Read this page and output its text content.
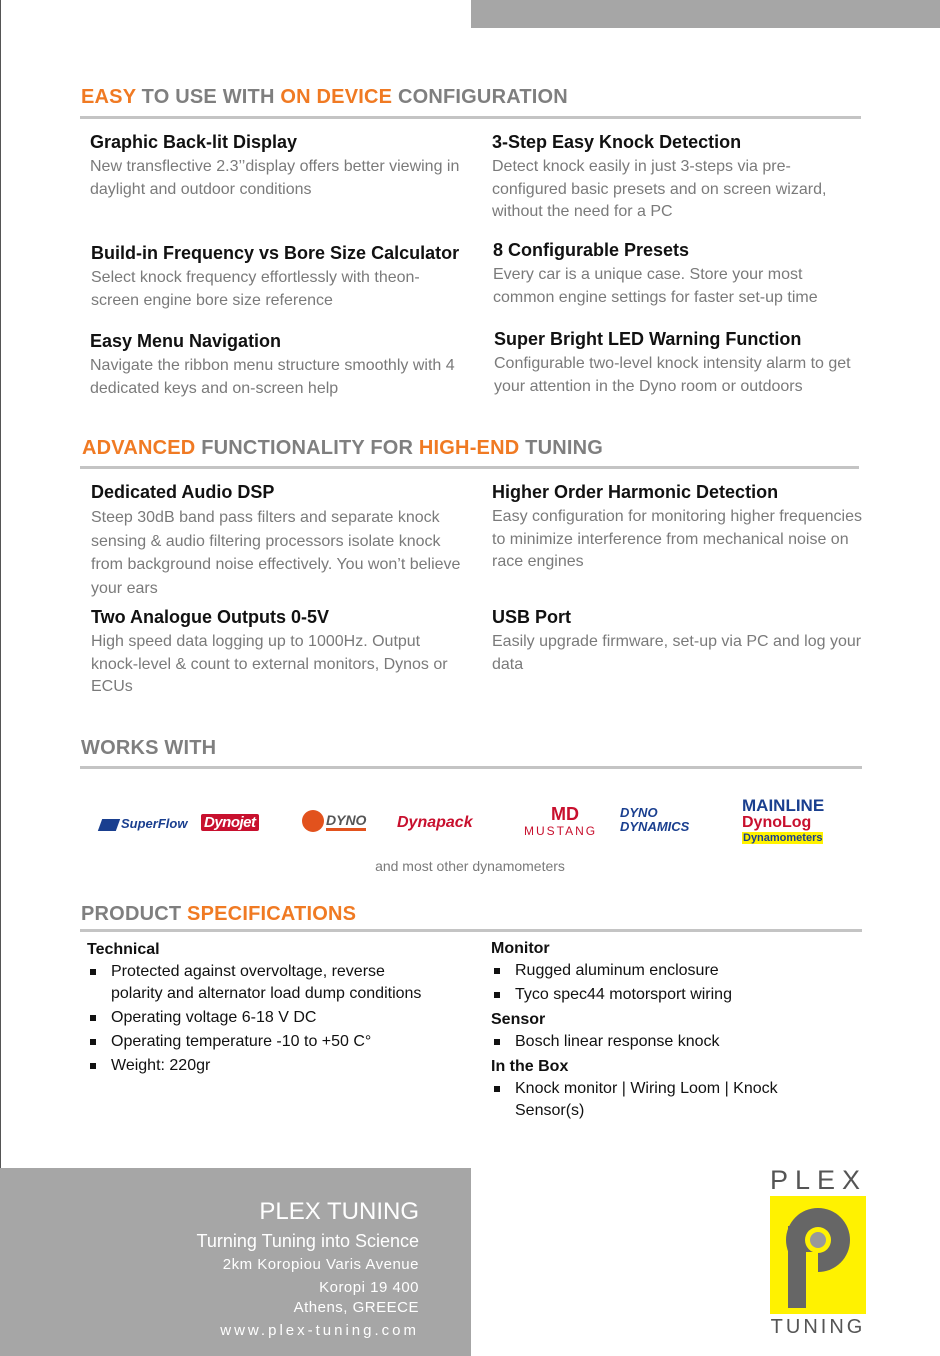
EASY TO USE WITH ON DEVICE CONFIGURATION
Graphic Back-lit Display

New transflective 2.3’’display offers better viewing in daylight and outdoor conditions

3-Step Easy Knock Detection

Detect knock easily in just 3-steps via pre-configured basic presets and on screen wizard, without the need for a PC

Build-in Frequency vs Bore Size Calculator

Select knock frequency effortlessly with theon-screen engine bore size reference

8 Configurable Presets

Every car is a unique case. Store your most common engine settings for faster set-up time

Easy Menu Navigation

Navigate the ribbon menu structure smoothly with 4 dedicated keys and on-screen help

Super Bright LED Warning Function

Configurable two-level knock intensity alarm to get your attention in the Dyno room or outdoors

ADVANCED FUNCTIONALITY FOR HIGH-END TUNING
Dedicated Audio DSP

Steep 30dB band pass filters and separate knock sensing & audio filtering processors isolate knock from background noise effectively. You won’t believe your ears

Higher Order Harmonic Detection

Easy configuration for monitoring higher frequencies to minimize interference from mechanical noise on race engines

Two Analogue Outputs 0-5V

High speed data logging up to 1000Hz. Output knock-level & count to external monitors, Dynos or ECUs

USB Port

Easily upgrade firmware, set-up via PC and log your data

WORKS WITH
SuperFlow Dynojet	DYNO Dynapack	MD
MUSTANG
DYNO DYNAMICS
MAINLINE
DynoLog
Dynamometers
and most other dynamometers
PRODUCT SPECIFICATIONS
Technical
Protected against overvoltage, reverse polarity and alternator load dump conditions
Operating voltage 6-18 V DC
Operating temperature -10 to +50 C°
Weight: 220gr
Monitor
Rugged aluminum enclosure
Tyco spec44 motorsport wiring
Sensor
Bosch linear response knock
In the Box
Knock monitor | Wiring Loom | Knock Sensor(s)
PLEX TUNING
Turning Tuning into Science
2km Koropiou Varis Avenue
Koropi 19 400
Athens, GREECE
www.plex-tuning.com
PLEX
TUNING
